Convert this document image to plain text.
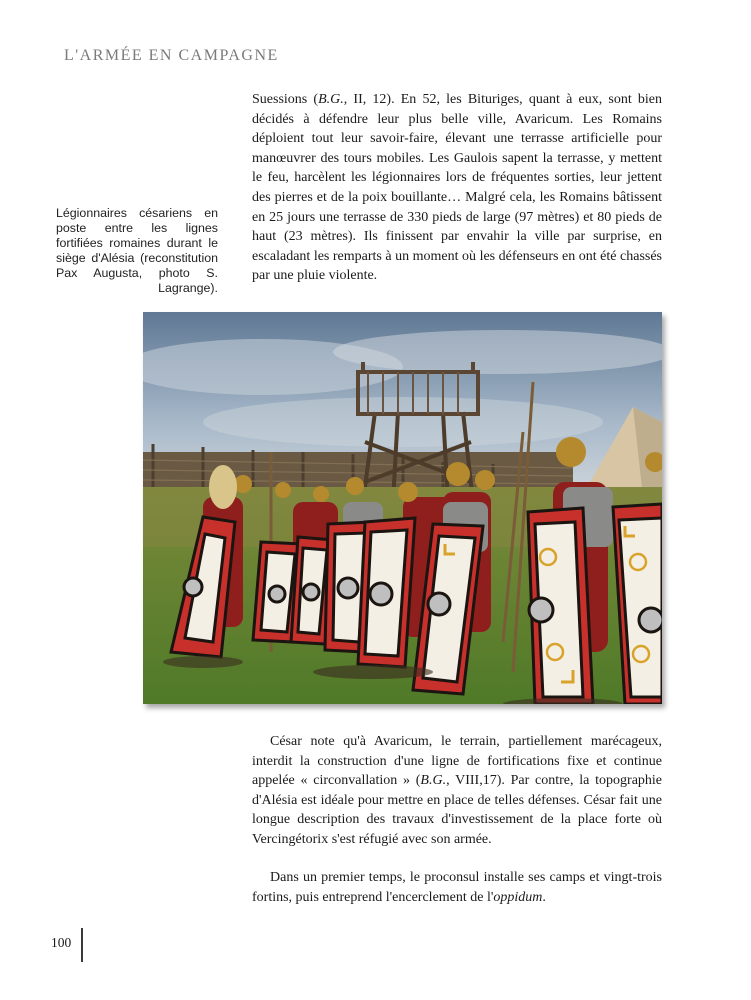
L'ARMÉE EN CAMPAGNE
Légionnaires césariens en poste entre les lignes fortifiées romaines durant le siège d'Alésia (reconstitution Pax Augusta, photo S. Lagrange).

Suessions (B.G., II, 12). En 52, les Bituriges, quant à eux, sont bien décidés à défendre leur plus belle ville, Avaricum. Les Romains déploient tout leur savoir-faire, élevant une terrasse artificielle pour manœuvrer des tours mobiles. Les Gaulois sapent la terrasse, y mettent le feu, harcèlent les légionnaires lors de fréquentes sorties, leur jettent des pierres et de la poix bouillante… Malgré cela, les Romains bâtissent en 25 jours une terrasse de 330 pieds de large (97 mètres) et 80 pieds de haut (23 mètres). Ils finissent par envahir la ville par surprise, en escaladant les remparts à un moment où les défenseurs en ont été chassés par une pluie violente.

César note qu'à Avaricum, le terrain, partiellement marécageux, interdit la construction d'une ligne de fortifications fixe et continue appelée « circonvallation » (B.G., VIII,17). Par contre, la topographie d'Alésia est idéale pour mettre en place de telles défenses. César fait une longue description des travaux d'investissement de la place forte où Vercingétorix s'est réfugié avec son armée.

Dans un premier temps, le proconsul installe ses camps et vingt-trois fortins, puis entreprend l'encerclement de l'oppidum.

100
